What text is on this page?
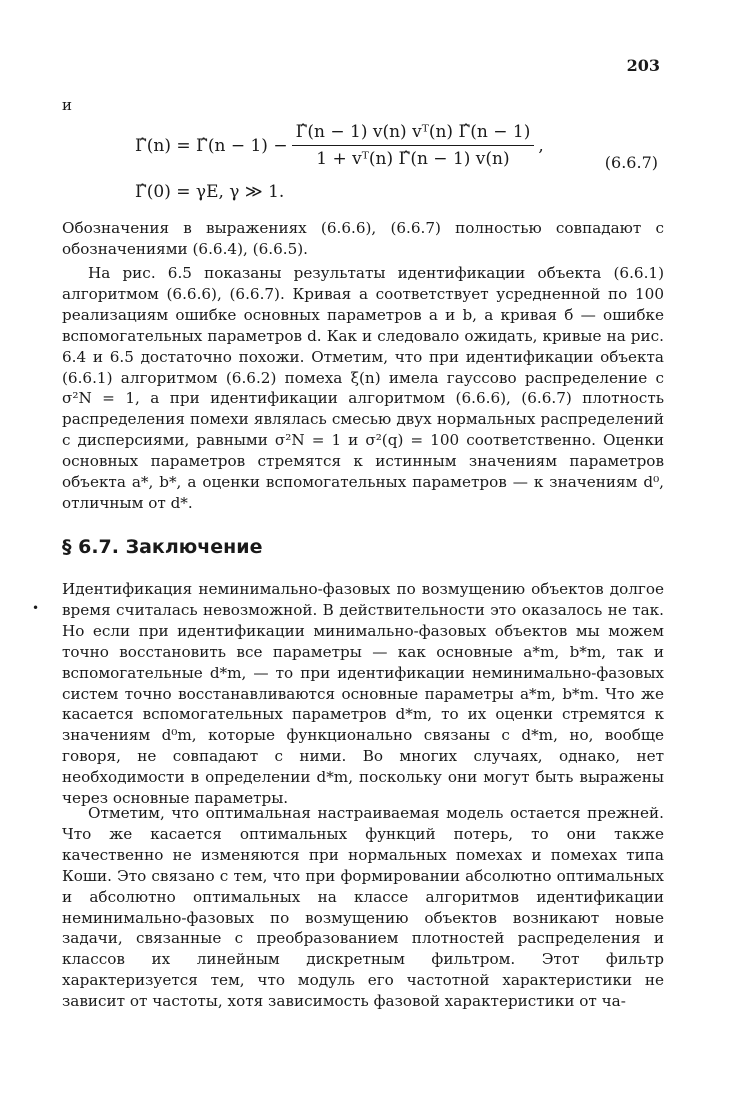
203
и
Γ̂(n) = Γ̂(n − $1) - \frac{\text{Γ̂(n − 1) v(n) vᵀ(n) Γ̂(n − 1)}}{\text{1 + vᵀ(n) Γ̂(n − 1) v(n)}}$ ,
Γ̂(0) = γE, γ ≫ 1.
(6.6.7)

Обозначения в выражениях (6.6.6), (6.6.7) полностью совпадают с обозначениями (6.6.4), (6.6.5).

На рис. 6.5 показаны результаты идентификации объекта (6.6.1) алгоритмом (6.6.6), (6.6.7). Кривая а соответствует усредненной по 100 реализациям ошибке основных параметров a и b, а кривая б — ошибке вспомогательных параметров d. Как и следовало ожидать, кривые на рис. 6.4 и 6.5 достаточно похожи. Отметим, что при идентификации объекта (6.6.1) алгоритмом (6.6.2) помеха ξ(n) имела гауссово распределение с σ²N = 1, а при идентификации алгоритмом (6.6.6), (6.6.7) плотность распределения помехи являлась смесью двух нормальных распределений с дисперсиями, равными σ²N = 1 и σ²(q) = 100 соответственно. Оценки основных параметров стремятся к истинным значениям параметров объекта a*, b*, а оценки вспомогательных параметров — к значениям d⁰, отличным от d*.

§ 6.7. Заключение
•

Идентификация неминимально-фазовых по возмущению объектов долгое время считалась невозможной. В действительности это оказалось не так. Но если при идентификации минимально-фазовых объектов мы можем точно восстановить все параметры — как основные a*m, b*m, так и вспомогательные d*m, — то при идентификации неминимально-фазовых систем точно восстанавливаются основные параметры a*m, b*m. Что же касается вспомогательных параметров d*m, то их оценки стремятся к значениям d⁰m, которые функционально связаны с d*m, но, вообще говоря, не совпадают с ними. Во многих случаях, однако, нет необходимости в определении d*m, поскольку они могут быть выражены через основные параметры.

Отметим, что оптимальная настраиваемая модель остается прежней. Что же касается оптимальных функций потерь, то они также качественно не изменяются при нормальных помехах и помехах типа Коши. Это связано с тем, что при формировании абсолютно оптимальных и абсолютно оптимальных на классе алгоритмов идентификации неминимально-фазовых по возмущению объектов возникают новые задачи, связанные с преобразованием плотностей распределения и классов их линейным дискретным фильтром. Этот фильтр характеризуется тем, что модуль его частотной характеристики не зависит от частоты, хотя зависимость фазовой характеристики от ча-
